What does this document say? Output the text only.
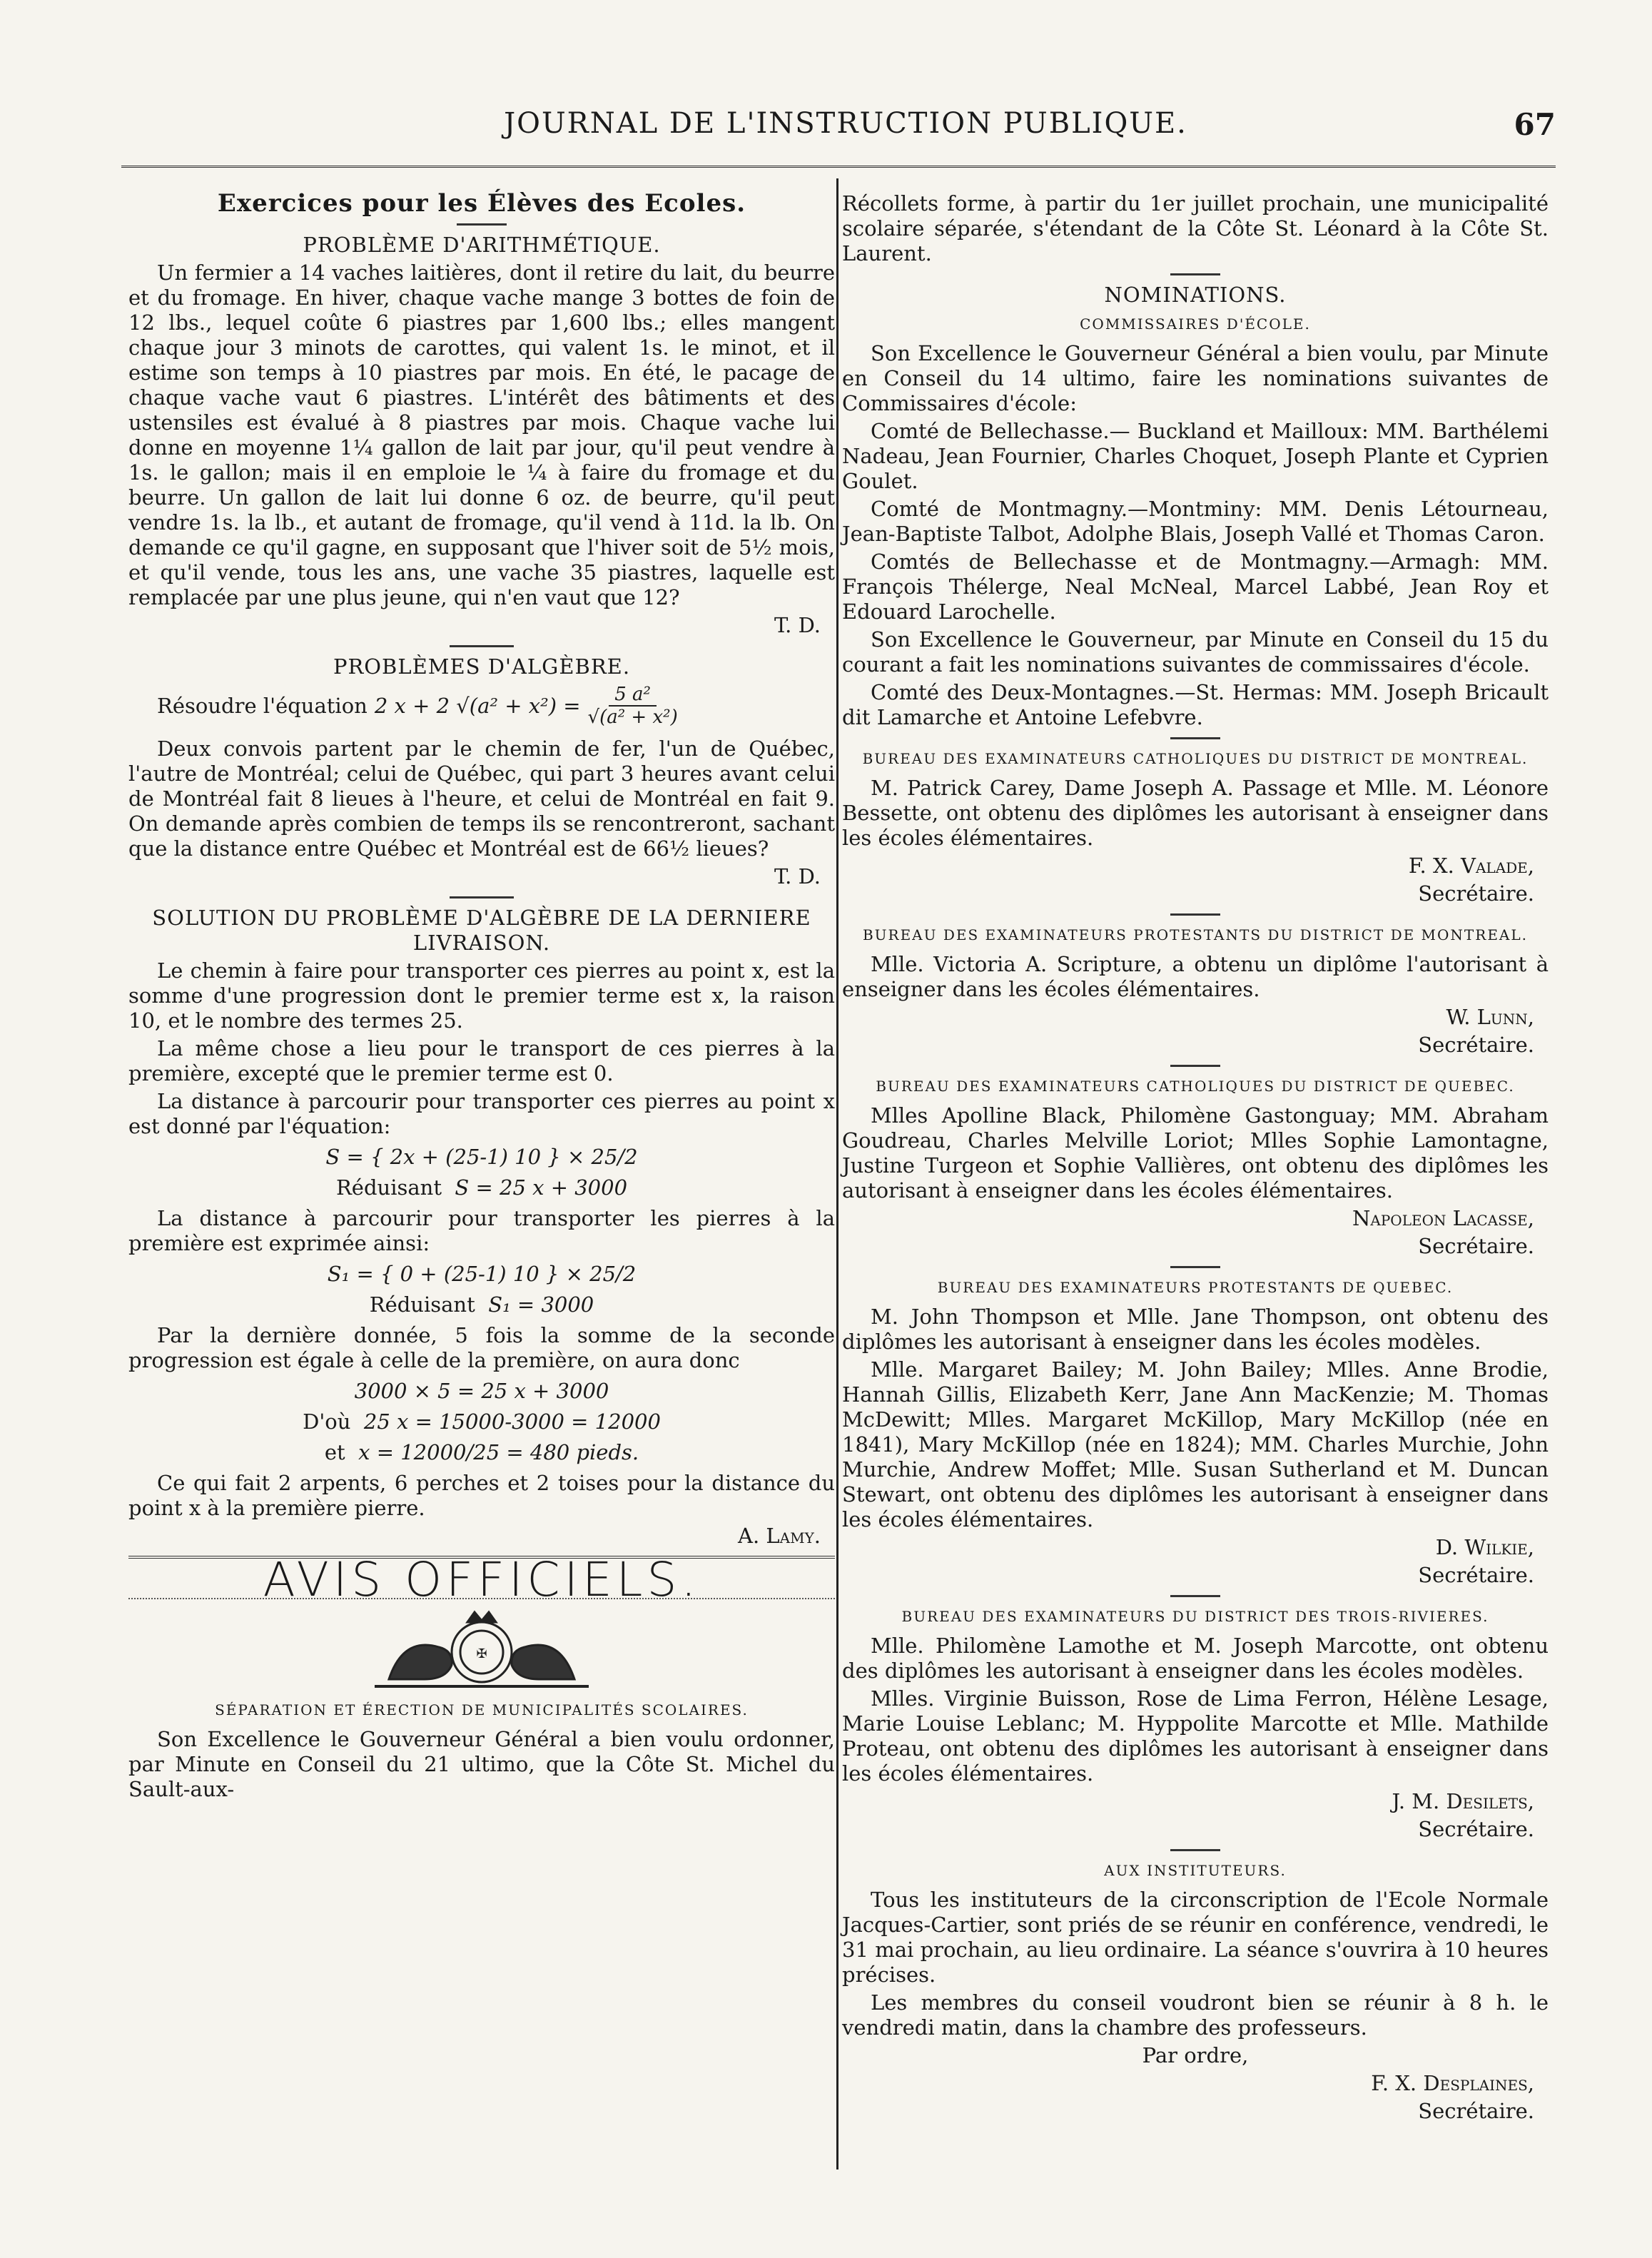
JOURNAL DE L'INSTRUCTION PUBLIQUE.	67

Exercices pour les Élèves des Ecoles.

PROBLÈME D'ARITHMÉTIQUE.

Un fermier a 14 vaches laitières, dont il retire du lait, du beurre et du fromage. En hiver, chaque vache mange 3 bottes de foin de 12 lbs., lequel coûte 6 piastres par 1,600 lbs.; elles mangent chaque jour 3 minots de carottes, qui valent 1s. le minot, et il estime son temps à 10 piastres par mois. En été, le pacage de chaque vache vaut 6 piastres. L'intérêt des bâtiments et des ustensiles est évalué à 8 piastres par mois. Chaque vache lui donne en moyenne 1¼ gallon de lait par jour, qu'il peut vendre à 1s. le gallon; mais il en emploie le ¼ à faire du fromage et du beurre. Un gallon de lait lui donne 6 oz. de beurre, qu'il peut vendre 1s. la lb., et autant de fromage, qu'il vend à 11d. la lb. On demande ce qu'il gagne, en supposant que l'hiver soit de 5½ mois, et qu'il vende, tous les ans, une vache 35 piastres, laquelle est remplacée par une plus jeune, qui n'en vaut que 12?

T. D.

PROBLÈMES D'ALGÈBRE.

Résoudre l'équation 2 x + 2 $√(a^2 + x^2) = \frac{\text{5 a²}}{\text{√(a² + x²)}}$

Deux convois partent par le chemin de fer, l'un de Québec, l'autre de Montréal; celui de Québec, qui part 3 heures avant celui de Montréal fait 8 lieues à l'heure, et celui de Montréal en fait 9. On demande après combien de temps ils se rencontreront, sachant que la distance entre Québec et Montréal est de 66½ lieues?

T. D.

SOLUTION DU PROBLÈME D'ALGÈBRE DE LA DERNIERE LIVRAISON.

Le chemin à faire pour transporter ces pierres au point x, est la somme d'une progression dont le premier terme est x, la raison 10, et le nombre des termes 25.

La même chose a lieu pour le transport de ces pierres à la première, excepté que le premier terme est 0.

La distance à parcourir pour transporter ces pierres au point x est donné par l'équation:

S = { 2x + (25-1) 10 } × 25/2

Réduisant S = 25 x + 3000

La distance à parcourir pour transporter les pierres à la première est exprimée ainsi:

S₁ = { 0 + (25-1) 10 } × 25/2

Réduisant S₁ = 3000

Par la dernière donnée, 5 fois la somme de la seconde progression est égale à celle de la première, on aura donc

3000 × 5 = 25 x + 3000

D'où 25 x = 15000-3000 = 12000

et x = 12000/25 = 480 pieds.

Ce qui fait 2 arpents, 6 perches et 2 toises pour la distance du point x à la première pierre.

A. Lamy.

AVIS OFFICIELS.
✠

SÉPARATION ET ÉRECTION DE MUNICIPALITÉS SCOLAIRES.

Son Excellence le Gouverneur Général a bien voulu ordonner, par Minute en Conseil du 21 ultimo, que la Côte St. Michel du Sault-aux-

Récollets forme, à partir du 1er juillet prochain, une municipalité scolaire séparée, s'étendant de la Côte St. Léonard à la Côte St. Laurent.

NOMINATIONS.

COMMISSAIRES D'ÉCOLE.

Son Excellence le Gouverneur Général a bien voulu, par Minute en Conseil du 14 ultimo, faire les nominations suivantes de Commissaires d'école:

Comté de Bellechasse.— Buckland et Mailloux: MM. Barthélemi Nadeau, Jean Fournier, Charles Choquet, Joseph Plante et Cyprien Goulet.

Comté de Montmagny.—Montminy: MM. Denis Létourneau, Jean-Baptiste Talbot, Adolphe Blais, Joseph Vallé et Thomas Caron.

Comtés de Bellechasse et de Montmagny.—Armagh: MM. François Thélerge, Neal McNeal, Marcel Labbé, Jean Roy et Edouard Larochelle.

Son Excellence le Gouverneur, par Minute en Conseil du 15 du courant a fait les nominations suivantes de commissaires d'école.

Comté des Deux-Montagnes.—St. Hermas: MM. Joseph Bricault dit Lamarche et Antoine Lefebvre.

BUREAU DES EXAMINATEURS CATHOLIQUES DU DISTRICT DE MONTREAL.

M. Patrick Carey, Dame Joseph A. Passage et Mlle. M. Léonore Bessette, ont obtenu des diplômes les autorisant à enseigner dans les écoles élémentaires.

F. X. Valade,

Secrétaire.

BUREAU DES EXAMINATEURS PROTESTANTS DU DISTRICT DE MONTREAL.

Mlle. Victoria A. Scripture, a obtenu un diplôme l'autorisant à enseigner dans les écoles élémentaires.

W. Lunn,

Secrétaire.

BUREAU DES EXAMINATEURS CATHOLIQUES DU DISTRICT DE QUEBEC.

Mlles Apolline Black, Philomène Gastonguay; MM. Abraham Goudreau, Charles Melville Loriot; Mlles Sophie Lamontagne, Justine Turgeon et Sophie Vallières, ont obtenu des diplômes les autorisant à enseigner dans les écoles élémentaires.

Napoleon Lacasse,

Secrétaire.

BUREAU DES EXAMINATEURS PROTESTANTS DE QUEBEC.

M. John Thompson et Mlle. Jane Thompson, ont obtenu des diplômes les autorisant à enseigner dans les écoles modèles.

Mlle. Margaret Bailey; M. John Bailey; Mlles. Anne Brodie, Hannah Gillis, Elizabeth Kerr, Jane Ann MacKenzie; M. Thomas McDewitt; Mlles. Margaret McKillop, Mary McKillop (née en 1841), Mary McKillop (née en 1824); MM. Charles Murchie, John Murchie, Andrew Moffet; Mlle. Susan Sutherland et M. Duncan Stewart, ont obtenu des diplômes les autorisant à enseigner dans les écoles élémentaires.

D. Wilkie,

Secrétaire.

BUREAU DES EXAMINATEURS DU DISTRICT DES TROIS-RIVIERES.

Mlle. Philomène Lamothe et M. Joseph Marcotte, ont obtenu des diplômes les autorisant à enseigner dans les écoles modèles.

Mlles. Virginie Buisson, Rose de Lima Ferron, Hélène Lesage, Marie Louise Leblanc; M. Hyppolite Marcotte et Mlle. Mathilde Proteau, ont obtenu des diplômes les autorisant à enseigner dans les écoles élémentaires.

J. M. Desilets,

Secrétaire.

AUX INSTITUTEURS.

Tous les instituteurs de la circonscription de l'Ecole Normale Jacques-Cartier, sont priés de se réunir en conférence, vendredi, le 31 mai prochain, au lieu ordinaire. La séance s'ouvrira à 10 heures précises.

Les membres du conseil voudront bien se réunir à 8 h. le vendredi matin, dans la chambre des professeurs.

Par ordre,

F. X. Desplaines,

Secrétaire.
